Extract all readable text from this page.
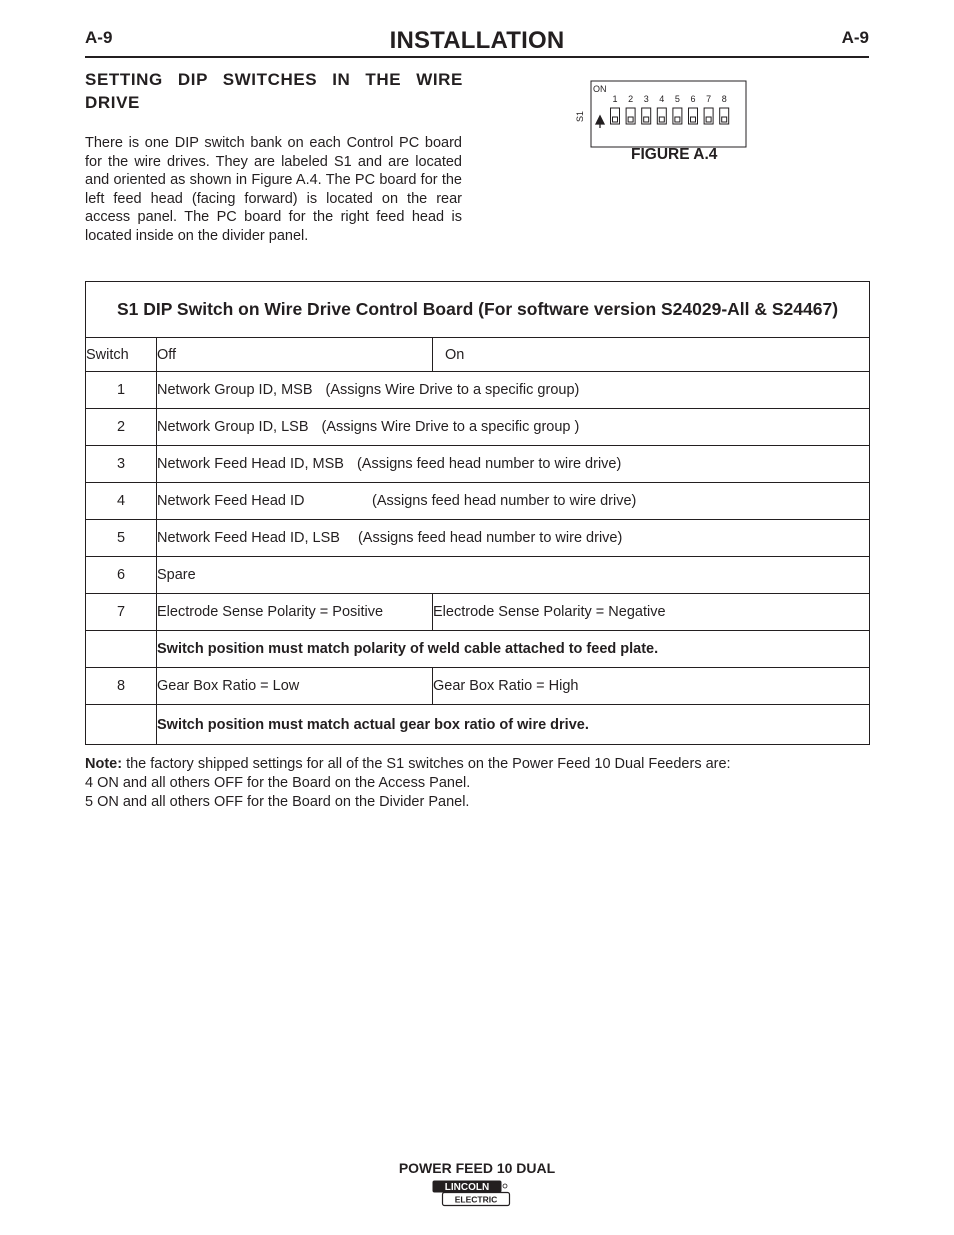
A-9	INSTALLATION	A-9
SETTING DIP SWITCHES IN THE WIRE DRIVE
There is one DIP switch bank on each Control PC board for the wire drives. They are labeled S1 and are located and oriented as shown in Figure A.4. The PC board for the left feed head (facing forward) is located on the rear access panel. The PC board for the right feed head is located inside on the divider panel.
ON
S1
1 2 3 4 5 6 7 8
FIGURE A.4
S1 DIP Switch on Wire Drive Control Board (For software version S24029-All & S24467)		
Switch	Off	On
1	Network Group ID, MSB (Assigns Wire Drive to a specific group)	
2	Network Group ID, LSB (Assigns Wire Drive to a specific group )	
3	Network Feed Head ID, MSB (Assigns feed head number to wire drive)	
4	Network Feed Head ID (Assigns feed head number to wire drive)	
5	Network Feed Head ID, LSB (Assigns feed head number to wire drive)	
6	Spare	
7	Electrode Sense Polarity = Positive	Electrode Sense Polarity = Negative
	Switch position must match polarity of weld cable attached to feed plate.	
8	Gear Box Ratio = Low	Gear Box Ratio = High
	Switch position must match actual gear box ratio of wire drive.	
Note: the factory shipped settings for all of the S1 switches on the Power Feed 10 Dual Feeders are:
4 ON and all others OFF for the Board on the Access Panel.
5 ON and all others OFF for the Board on the Divider Panel.
POWER FEED 10 DUAL
LINCOLN
ELECTRIC
